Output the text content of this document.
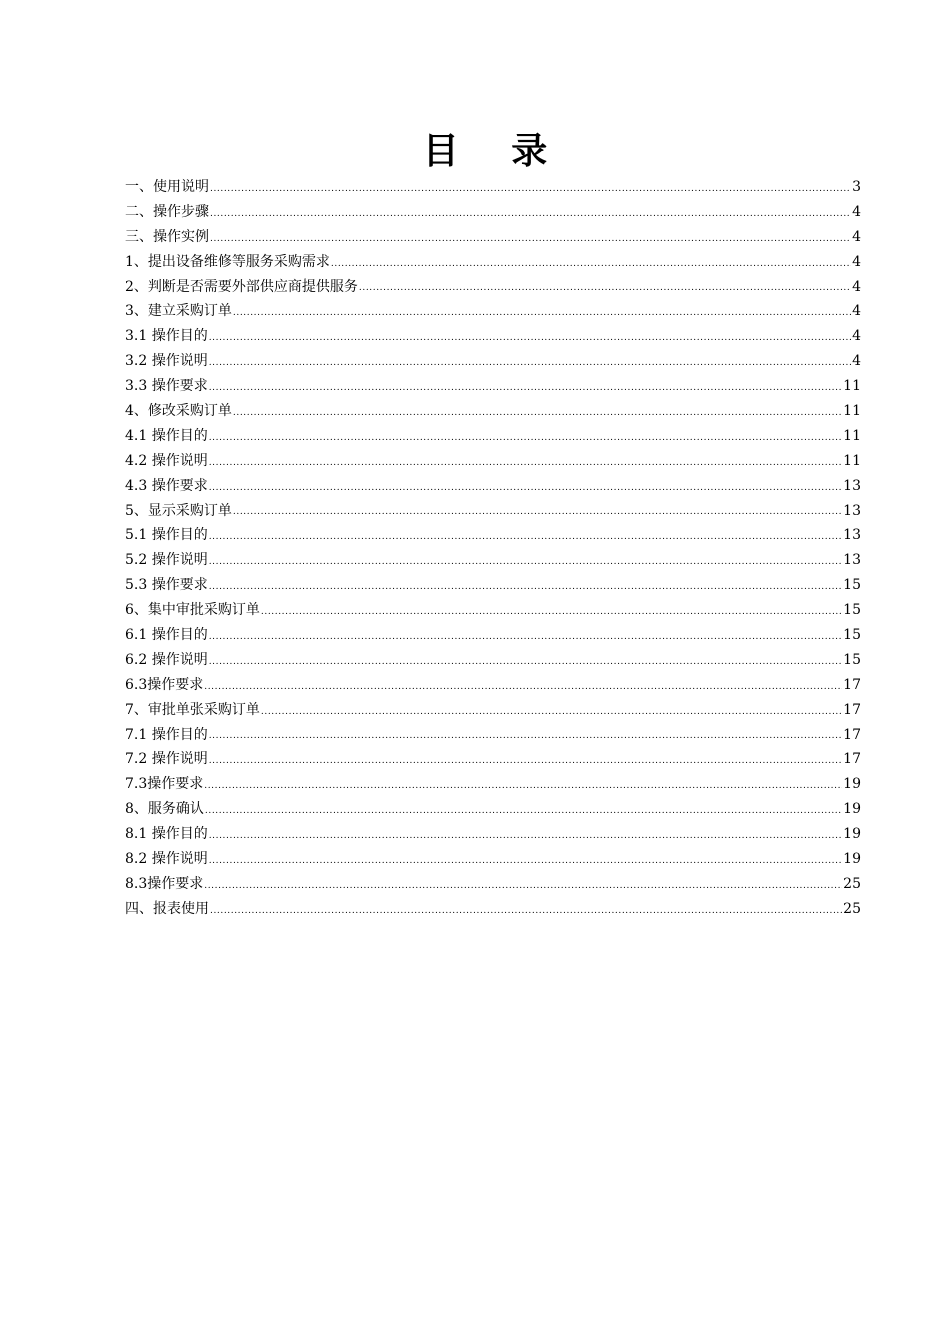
目 录
一、使用说明 .....	3
二、操作步骤 .....	4
三、操作实例 .....	4
1、提出设备维修等服务采购需求 .....	4
2、判断是否需要外部供应商提供服务 .....	4
3、建立采购订单 .....	4
3.1 操作目的 .....	4
3.2 操作说明 .....	4
3.3 操作要求 .....	11
4、修改采购订单 .....	11
4.1 操作目的 .....	11
4.2 操作说明 .....	11
4.3 操作要求 .....	13
5、显示采购订单 .....	13
5.1 操作目的 .....	13
5.2 操作说明 .....	13
5.3 操作要求 .....	15
6、集中审批采购订单 .....	15
6.1 操作目的 .....	15
6.2 操作说明 .....	15
6.3操作要求 .....	17
7、审批单张采购订单 .....	17
7.1 操作目的 .....	17
7.2 操作说明 .....	17
7.3操作要求 .....	19
8、服务确认 .....	19
8.1 操作目的 .....	19
8.2 操作说明 .....	19
8.3操作要求 .....	25
四、报表使用 .....	25
